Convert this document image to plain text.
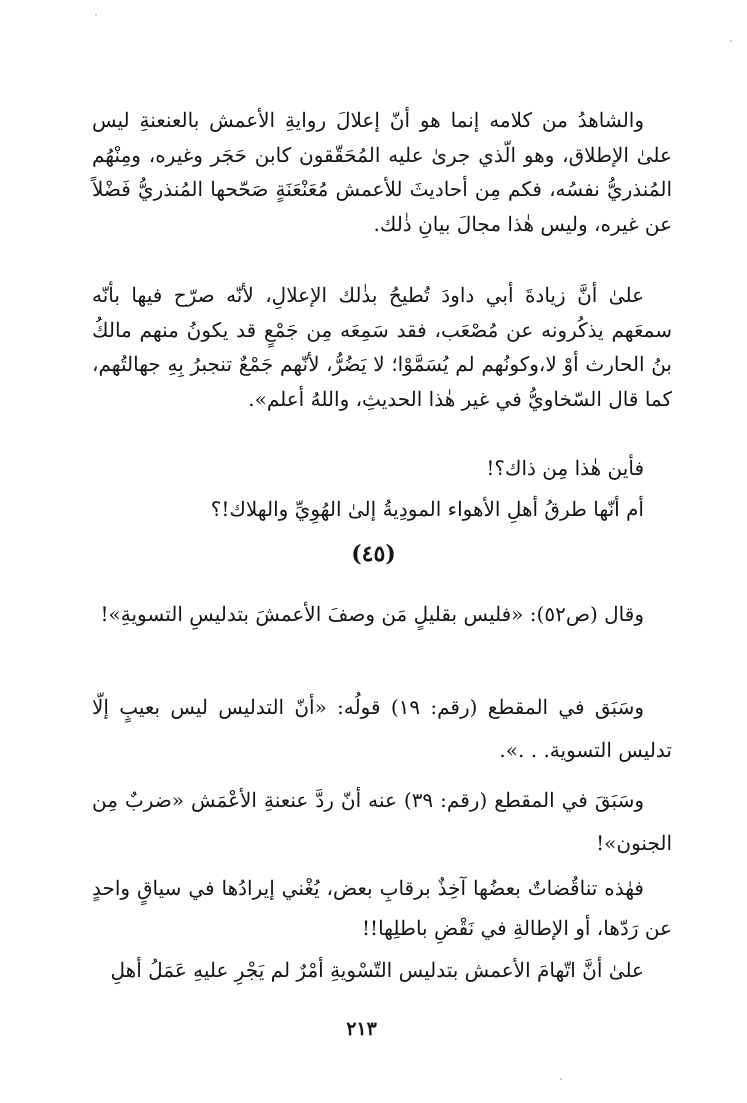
والشاهدُ من كلامه إنما هو أنّ إعلالَ روايةِ الأعمش بالعنعنةِ ليس علىٰ الإطلاق، وهو الّذي جرىٰ عليه المُحَقّقون كابن حَجَر وغيره، ومِنْهُم المُنذريُّ نفسُه، فكم مِن أحاديثَ للأعمش مُعَنْعَنَةٍ صَحّحها المُنذريُّ فَضْلاً عن غيره، وليس هٰذا مجالَ بيانِ ذٰلك.

علىٰ أنَّ زيادةَ أبي داودَ تُطيحُ بذٰلك الإعلالِ، لأنّه صرّح فيها بأنّه سمعَهم يذكُرونه عن مُصْعَب، فقد سَمِعَه مِن جَمْعٍ قد يكونُ منهم مالكُ بنُ الحارث أوْ لا،وكونُهم لم يُسَمَّوْا؛ لا يَضُرُّ، لأنّهم جَمْعٌ تنجبرُ بِهِ جهالتُهم، كما قال السّخاويُّ في غير هٰذا الحديثِ، واللهُ أعلم».

فأين هٰذا مِن ذاك؟!

أم أنّها طرقُ أهلِ الأهواء المودِيةُ إلىٰ الهُوِيِّ والهلاك!؟

(٤٥)

وقال (ص٥٢): «فليس بقليلٍ مَن وصفَ الأعمشَ بتدليسِ التسويةِ»!

وسَبَق في المقطع (رقم: ١٩) قولُه: «أنّ التدليس ليس بعيبٍ إلّا تدليس التسوية. . .».

وسَبَقَ في المقطع (رقم: ٣٩) عنه أنّ ردَّ عنعنةِ الأعْمَش «ضربٌ مِن الجنون»!

فهٰذه تناقُضاتٌ بعضُها آخِذٌ برقابِ بعض، يُغْني إيرادُها في سياقٍ واحدٍ عن رَدّها، أو الإطالةِ في نَقْضِ باطلِها!!

علىٰ أنَّ اتّهامَ الأعمش بتدليس التّسْويةِ أمْرٌ لم يَجْرِ عليهِ عَمَلُ أهلِ

٢١٣
